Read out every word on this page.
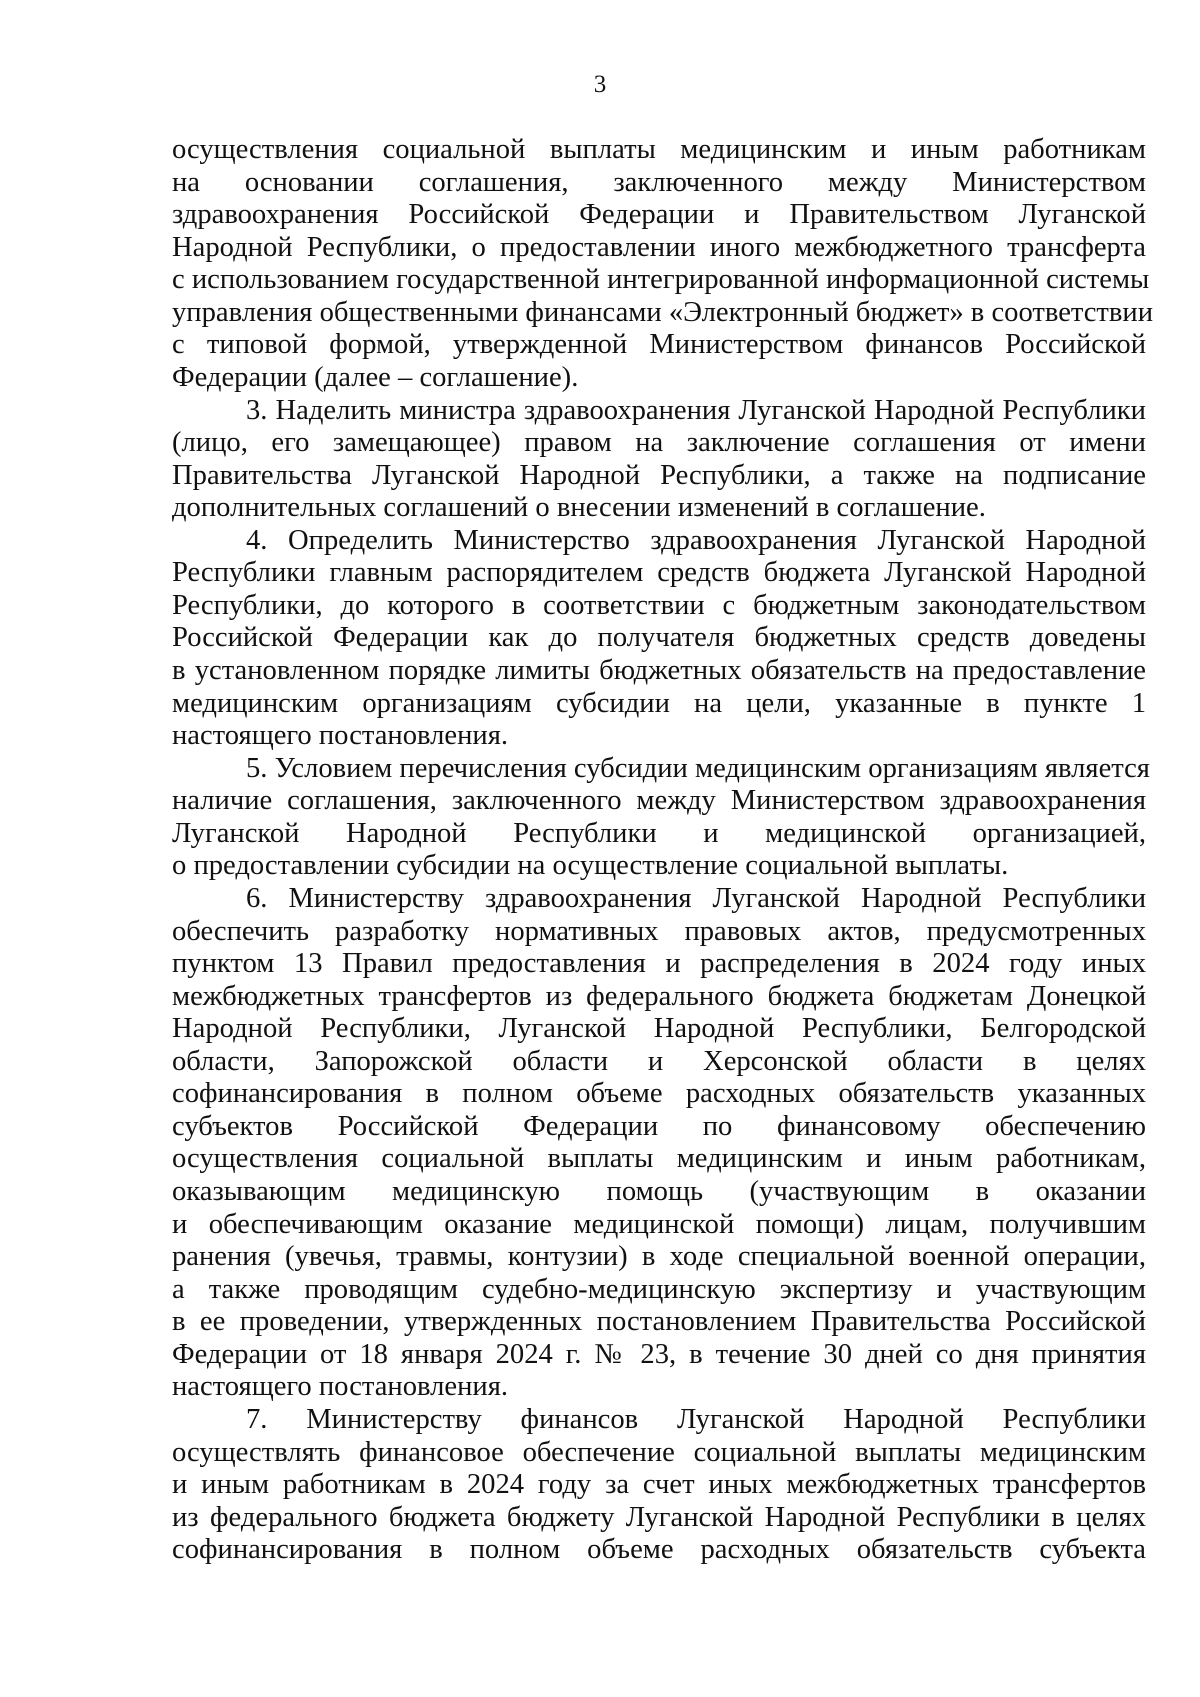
3
осуществления социальной выплаты медицинским и иным работникам
на основании соглашения, заключенного между Министерством
здравоохранения Российской Федерации и Правительством Луганской
Народной Республики, о предоставлении иного межбюджетного трансферта
с использованием государственной интегрированной информационной системы
управления общественными финансами «Электронный бюджет» в соответствии
с типовой формой, утвержденной Министерством финансов Российской
Федерации (далее – соглашение).
3. Наделить министра здравоохранения Луганской Народной Республики
(лицо, его замещающее) правом на заключение соглашения от имени
Правительства Луганской Народной Республики, а также на подписание
дополнительных соглашений о внесении изменений в соглашение.
4. Определить Министерство здравоохранения Луганской Народной
Республики главным распорядителем средств бюджета Луганской Народной
Республики, до которого в соответствии с бюджетным законодательством
Российской Федерации как до получателя бюджетных средств доведены
в установленном порядке лимиты бюджетных обязательств на предоставление
медицинским организациям субсидии на цели, указанные в пункте 1
настоящего постановления.
5. Условием перечисления субсидии медицинским организациям является
наличие соглашения, заключенного между Министерством здравоохранения
Луганской Народной Республики и медицинской организацией,
о предоставлении субсидии на осуществление социальной выплаты.
6. Министерству здравоохранения Луганской Народной Республики
обеспечить разработку нормативных правовых актов, предусмотренных
пунктом 13 Правил предоставления и распределения в 2024 году иных
межбюджетных трансфертов из федерального бюджета бюджетам Донецкой
Народной Республики, Луганской Народной Республики, Белгородской
области, Запорожской области и Херсонской области в целях
софинансирования в полном объеме расходных обязательств указанных
субъектов Российской Федерации по финансовому обеспечению
осуществления социальной выплаты медицинским и иным работникам,
оказывающим медицинскую помощь (участвующим в оказании
и обеспечивающим оказание медицинской помощи) лицам, получившим
ранения (увечья, травмы, контузии) в ходе специальной военной операции,
а также проводящим судебно-медицинскую экспертизу и участвующим
в ее проведении, утвержденных постановлением Правительства Российской
Федерации от 18 января 2024 г. № 23, в течение 30 дней со дня принятия
настоящего постановления.
7. Министерству финансов Луганской Народной Республики
осуществлять финансовое обеспечение социальной выплаты медицинским
и иным работникам в 2024 году за счет иных межбюджетных трансфертов
из федерального бюджета бюджету Луганской Народной Республики в целях
софинансирования в полном объеме расходных обязательств субъекта
